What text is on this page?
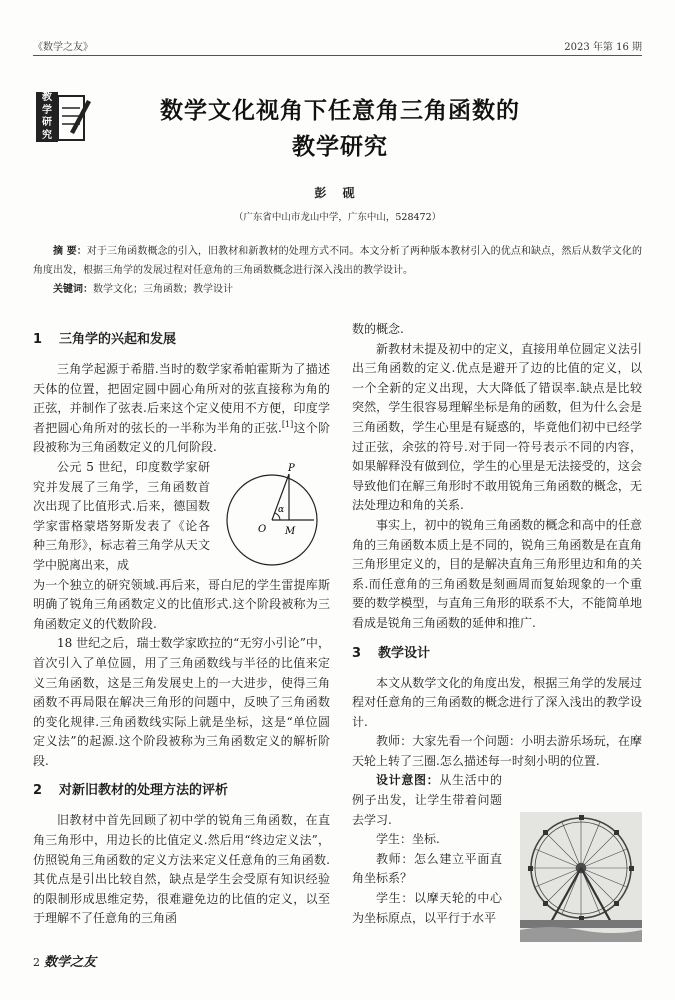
《数学之友》	2023 年第 16 期
教
学
研
究
数学文化视角下任意角三角函数的
教学研究
彭 砚
（广东省中山市龙山中学，广东中山，528472）
摘 要：对于三角函数概念的引入，旧教材和新教材的处理方式不同。本文分析了两种版本教材引入的优点和缺点，然后从数学文化的角度出发，根据三角学的发展过程对任意角的三角函数概念进行深入浅出的教学设计。
关键词：数学文化；三角函数；教学设计
1 三角学的兴起和发展

三角学起源于希腊.当时的数学家希帕霍斯为了描述天体的位置，把固定圆中圆心角所对的弦直接称为角的正弦，并制作了弦表.后来这个定义使用不方便，印度学者把圆心角所对的弦长的一半称为半角的正弦.[1]这个阶段被称为三角函数定义的几何阶段.

公元 5 世纪，印度数学家研究并发展了三角学，三角函数首次出现了比值形式.后来，德国数学家雷格蒙塔努斯发表了《论各种三角形》，标志着三角学从天文学中脱离出来，成

为一个独立的研究领域.再后来，哥白尼的学生雷提库斯明确了锐角三角函数定义的比值形式.这个阶段被称为三角函数定义的代数阶段.

18 世纪之后，瑞士数学家欧拉的“无穷小引论”中，首次引入了单位圆，用了三角函数线与半径的比值来定义三角函数，这是三角发展史上的一大进步，使得三角函数不再局限在解决三角形的问题中，反映了三角函数的变化规律.三角函数线实际上就是坐标，这是“单位圆定义法”的起源.这个阶段被称为三角函数定义的解析阶段.

2 对新旧教材的处理方法的评析

旧教材中首先回顾了初中学的锐角三角函数，在直角三角形中，用边长的比值定义.然后用“终边定义法”，仿照锐角三角函数的定义方法来定义任意角的三角函数.其优点是引出比较自然，缺点是学生会受原有知识经验的限制形成思维定势，很难避免边的比值的定义，以至于理解不了任意角的三角函

P
O M
α

数的概念.

新教材未提及初中的定义，直接用单位圆定义法引出三角函数的定义.优点是避开了边的比值的定义，以一个全新的定义出现，大大降低了错误率.缺点是比较突然，学生很容易理解坐标是角的函数，但为什么会是三角函数，学生心里是有疑惑的，毕竟他们初中已经学过正弦，余弦的符号.对于同一符号表示不同的内容，如果解释没有做到位，学生的心里是无法接受的，这会导致他们在解三角形时不敢用锐角三角函数的概念，无法处理边和角的关系.

事实上，初中的锐角三角函数的概念和高中的任意角的三角函数本质上是不同的，锐角三角函数是在直角三角形里定义的，目的是解决直角三角形里边和角的关系.而任意角的三角函数是刻画周而复始现象的一个重要的数学模型，与直角三角形的联系不大，不能简单地看成是锐角三角函数的延伸和推广.

3 教学设计

本文从数学文化的角度出发，根据三角学的发展过程对任意角的三角函数的概念进行了深入浅出的教学设计.

教师：大家先看一个问题：小明去游乐场玩，在摩天轮上转了三圈.怎么描述每一时刻小明的位置.

设计意图：从生活中的例子出发，让学生带着问题去学习.

学生：坐标.

教师：怎么建立平面直角坐标系？

学生：以摩天轮的中心为坐标原点，以平行于水平

2 数学之友
